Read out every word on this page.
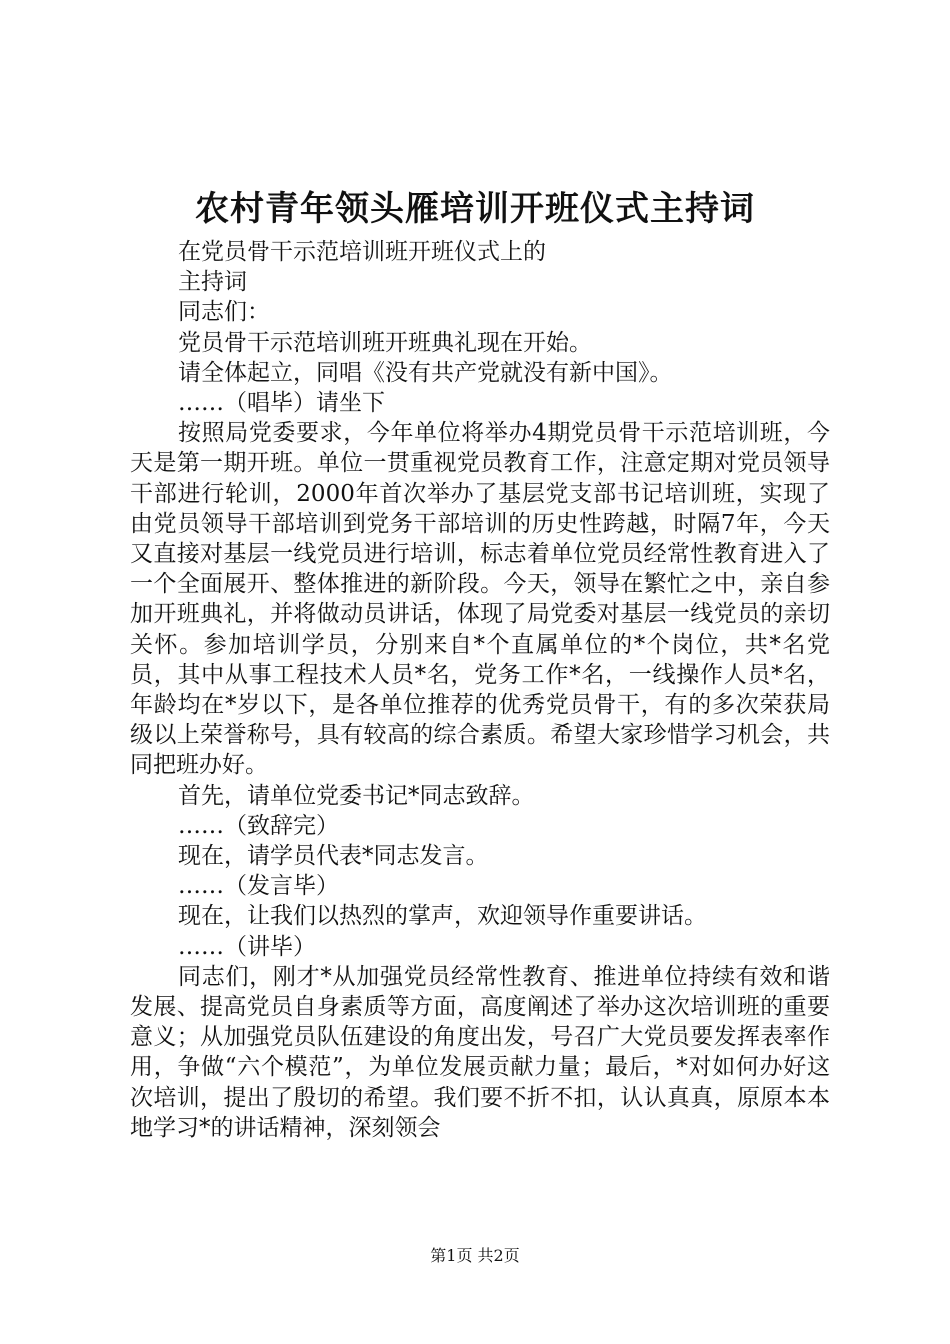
农村青年领头雁培训开班仪式主持词

在党员骨干示范培训班开班仪式上的

主持词

同志们：

党员骨干示范培训班开班典礼现在开始。

请全体起立，同唱《没有共产党就没有新中国》。

……（唱毕）请坐下

按照局党委要求，今年单位将举办4期党员骨干示范培训班，今天是第一期开班。单位一贯重视党员教育工作，注意定期对党员领导干部进行轮训，2000年首次举办了基层党支部书记培训班，实现了由党员领导干部培训到党务干部培训的历史性跨越，时隔7年，今天又直接对基层一线党员进行培训，标志着单位党员经常性教育进入了一个全面展开、整体推进的新阶段。今天，领导在繁忙之中，亲自参加开班典礼，并将做动员讲话，体现了局党委对基层一线党员的亲切关怀。参加培训学员，分别来自*个直属单位的*个岗位，共*名党员，其中从事工程技术人员*名，党务工作*名，一线操作人员*名，年龄均在*岁以下，是各单位推荐的优秀党员骨干，有的多次荣获局级以上荣誉称号，具有较高的综合素质。希望大家珍惜学习机会，共同把班办好。

首先，请单位党委书记*同志致辞。

……（致辞完）

现在，请学员代表*同志发言。

……（发言毕）

现在，让我们以热烈的掌声，欢迎领导作重要讲话。

……（讲毕）

同志们，刚才*从加强党员经常性教育、推进单位持续有效和谐发展、提高党员自身素质等方面，高度阐述了举办这次培训班的重要意义；从加强党员队伍建设的角度出发，号召广大党员要发挥表率作用，争做“六个模范”，为单位发展贡献力量；最后，*对如何办好这次培训，提出了殷切的希望。我们要不折不扣，认认真真，原原本本地学习*的讲话精神，深刻领会

第1页 共2页
